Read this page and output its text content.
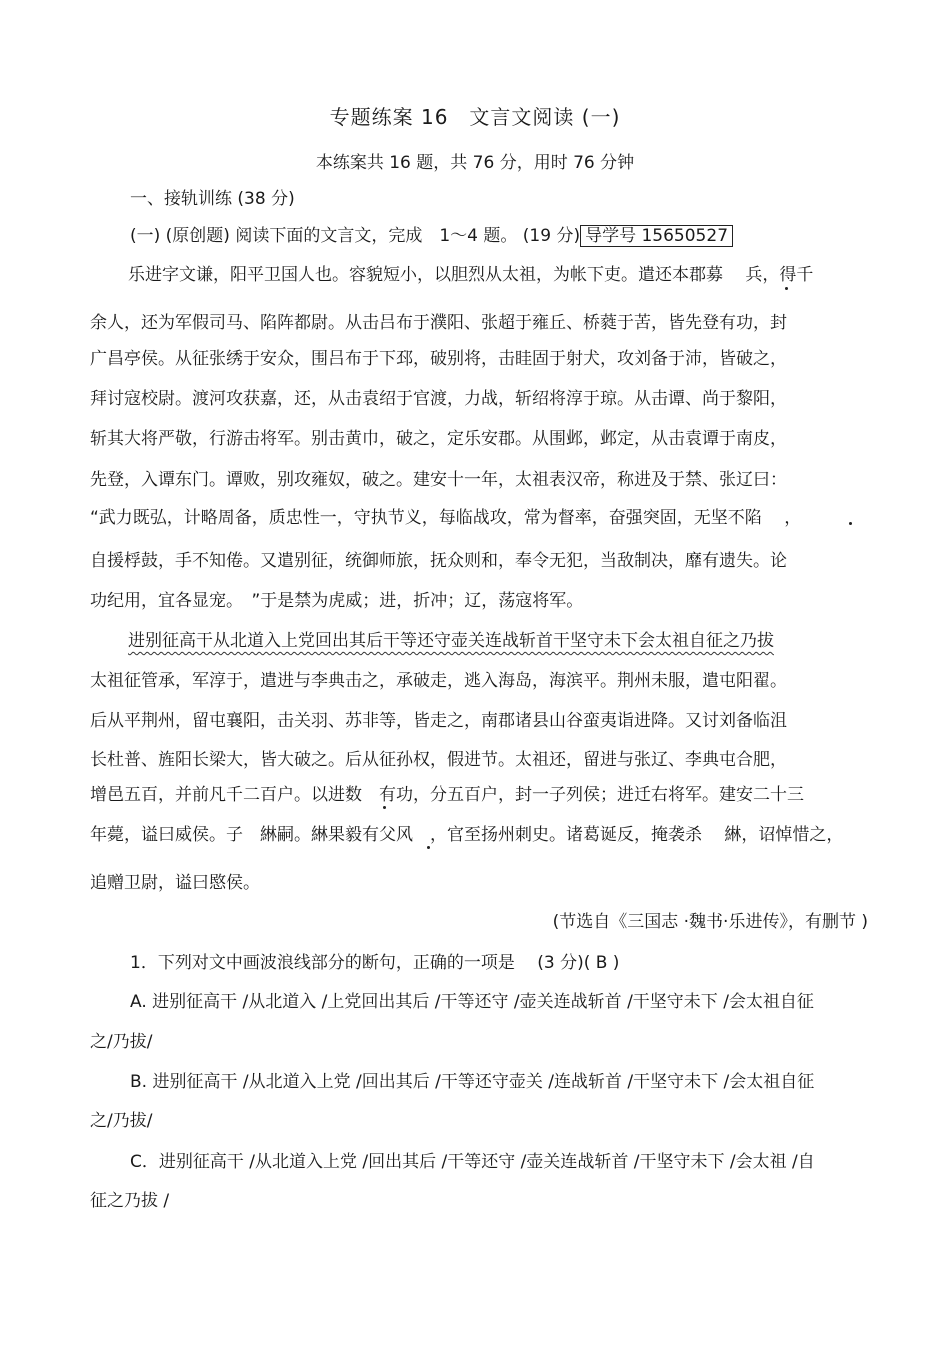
专题练案 16　文言文阅读 (一)
本练案共 16 题，共 76 分，用时 76 分钟
一、接轨训练 (38 分)
(一) (原创题) 阅读下面的文言文，完成　1～4 题。 (19 分) 导学号 15650527
乐进字文谦，阳平卫国人也。容貌短小，以胆烈从太祖，为帐下吏。遣还本郡募　 兵，得千
余人，还为军假司马、陷阵都尉。从击吕布于濮阳、张超于雍丘、桥蕤于苦，皆先登有功，封
广昌亭侯。从征张绣于安众，围吕布于下邳，破别将，击眭固于射犬，攻刘备于沛，皆破之，
拜讨寇校尉。渡河攻获嘉，还，从击袁绍于官渡，力战，斩绍将淳于琼。从击谭、尚于黎阳，
斩其大将严敬，行游击将军。别击黄巾，破之，定乐安郡。从围邺，邺定，从击袁谭于南皮，
先登，入谭东门。谭败，别攻雍奴，破之。建安十一年，太祖表汉帝，称进及于禁、张辽曰：
“武力既弘，计略周备，质忠性一，守执节义，每临战攻，常为督率，奋强突固，无坚不陷　 ，
自援桴鼓，手不知倦。又遣别征，统御师旅，抚众则和，奉令无犯，当敌制决，靡有遗失。论
功纪用，宜各显宠。　”于是禁为虎威；进，折冲；辽，荡寇将军。
进别征高干从北道入上党回出其后干等还守壶关连战斩首干坚守未下会太祖自征之乃拔
太祖征管承，军淳于，遣进与李典击之，承破走，逃入海岛，海滨平。荆州未服，遣屯阳翟。
后从平荆州，留屯襄阳，击关羽、苏非等，皆走之，南郡诸县山谷蛮夷诣进降。又讨刘备临沮
长杜普、旌阳长梁大，皆大破之。后从征孙权，假进节。太祖还，留进与张辽、李典屯合肥，
增邑五百，并前凡千二百户。以进数　有功，分五百户，封一子列侯；进迁右将军。建安二十三
年薨，谥曰威侯。子　綝嗣。綝果毅有父风　，官至扬州刺史。诸葛诞反，掩袭杀　 綝，诏悼惜之，
追赠卫尉，谥曰愍侯。
(节选自《三国志 ·魏书·乐进传》，有删节 )
1．下列对文中画波浪线部分的断句，正确的一项是　 (3 分)( B )
A. 进别征高干 /从北道入 /上党回出其后 /干等还守 /壶关连战斩首 /干坚守未下 /会太祖自征
之/乃拔/
B. 进别征高干 /从北道入上党 /回出其后 /干等还守壶关 /连战斩首 /干坚守未下 /会太祖自征
之/乃拔/
C．进别征高干 /从北道入上党 /回出其后 /干等还守 /壶关连战斩首 /干坚守未下 /会太祖 /自
征之乃拔 /
